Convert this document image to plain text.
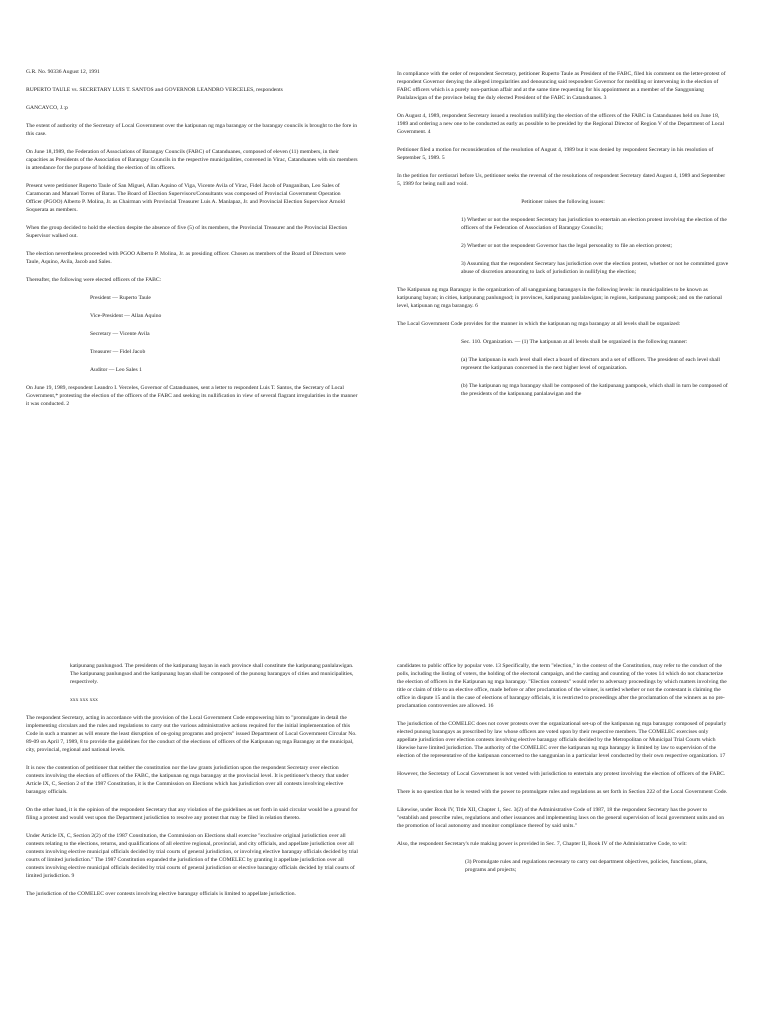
G.R. No. 90336 August 12, 1991

RUPERTO TAULE vs. SECRETARY LUIS T. SANTOS and GOVERNOR LEANDRO VERCELES, respondents

GANCAYCO, J.:p

The extent of authority of the Secretary of Local Government over the katipunan ng mga barangay or the barangay councils is brought to the fore in this case.

On June 18,1989, the Federation of Associations of Barangay Councils (FABC) of Catanduanes, composed of eleven (11) members, in their capacities as Presidents of the Association of Barangay Councils in the respective municipalities, convened in Virac, Catanduanes with six members in attendance for the purpose of holding the election of its officers.

Present were petitioner Ruperto Taule of San Miguel, Allan Aquino of Viga, Vicente Avila of Virac, Fidel Jacob of Panganiban, Leo Sales of Caramoran and Manuel Torres of Baras. The Board of Election Supervisors/Consultants was composed of Provincial Government Operation Officer (PGOO) Alberto P. Molina, Jr. as Chairman with Provincial Treasurer Luis A. Manlapaz, Jr. and Provincial Election Supervisor Arnold Soquerata as members.

When the group decided to hold the election despite the absence of five (5) of its members, the Provincial Treasurer and the Provincial Election Supervisor walked out.

The election nevertheless proceeded with PGOO Alberto P. Molina, Jr. as presiding officer. Chosen as members of the Board of Directors were Taule, Aquino, Avila, Jacob and Sales.

Thereafter, the following were elected officers of the FABC:

President — Ruperto Taule

Vice-President — Allan Aquino

Secretary — Vicente Avila

Treasurer — Fidel Jacob

Auditor — Leo Sales 1

On June 19, 1989, respondent Leandro I. Verceles, Governor of Catanduanes, sent a letter to respondent Luis T. Santos, the Secretary of Local Government,* protesting the election of the officers of the FABC and seeking its nullification in view of several flagrant irregularities in the manner it was conducted. 2

In compliance with the order of respondent Secretary, petitioner Ruperto Taule as President of the FABC, filed his comment on the letter-protest of respondent Governor denying the alleged irregularities and denouncing said respondent Governor for meddling or intervening in the election of FABC officers which is a purely non-partisan affair and at the same time requesting for his appointment as a member of the Sangguniang Panlalawigan of the province being the duly elected President of the FABC in Catanduanes. 3

On August 4, 1989, respondent Secretary issued a resolution nullifying the election of the officers of the FABC in Catanduanes held on June 18, 1989 and ordering a new one to be conducted as early as possible to be presided by the Regional Director of Region V of the Department of Local Government. 4

Petitioner filed a motion for reconsideration of the resolution of August 4, 1989 but it was denied by respondent Secretary in his resolution of September 5, 1989. 5

In the petition for certiorari before Us, petitioner seeks the reversal of the resolutions of respondent Secretary dated August 4, 1989 and September 5, 1989 for being null and void.

Petitioner raises the following issues:

1) Whether or not the respondent Secretary has jurisdiction to entertain an election protest involving the election of the officers of the Federation of Association of Barangay Councils;

2) Whether or not the respondent Governor has the legal personality to file an election protest;

3) Assuming that the respondent Secretary has jurisdiction over the election protest, whether or not he committed grave abuse of discretion amounting to lack of jurisdiction in nullifying the election;

The Katipunan ng mga Barangay is the organization of all sangguniang barangays in the following levels: in municipalities to be known as katipunang bayan; in cities, katipunang panlungsod; in provinces, katipunang panlalawigan; in regions, katipunang pampook; and on the national level, katipunan ng mga barangay. 6

The Local Government Code provides for the manner in which the katipunan ng mga barangay at all levels shall be organized:

Sec. 110. Organization. — (1) The katipunan at all levels shall be organized in the following manner:

(a) The katipunan in each level shall elect a board of directors and a set of officers. The president of each level shall represent the katipunan concerned in the next higher level of organization.

(b) The katipunan ng mga barangay shall be composed of the katipunang pampook, which shall in turn be composed of the presidents of the katipunang panlalawigan and the

katipunang panlungsod. The presidents of the katipunang bayan in each province shall constitute the katipunang panlalawigan. The katipunang panlungsod and the katipunang bayan shall be composed of the punong barangays of cities and municipalities, respectively.

xxx xxx xxx

The respondent Secretary, acting in accordance with the provision of the Local Government Code empowering him to "promulgate in detail the implementing circulars and the rules and regulations to carry out the various administrative actions required for the initial implementation of this Code in such a manner as will ensure the least disruption of on-going programs and projects" issued Department of Local Government Circular No. 89-09 on April 7, 1989, 8 to provide the guidelines for the conduct of the elections of officers of the Katipunan ng mga Barangay at the municipal, city, provincial, regional and national levels.

It is now the contention of petitioner that neither the constitution nor the law grants jurisdiction upon the respondent Secretary over election contests involving the election of officers of the FABC, the katipunan ng mga barangay at the provincial level. It is petitioner's theory that under Article IX, C, Section 2 of the 1987 Constitution, it is the Commission on Elections which has jurisdiction over all contests involving elective barangay officials.

On the other hand, it is the opinion of the respondent Secretary that any violation of the guidelines as set forth in said circular would be a ground for filing a protest and would vest upon the Department jurisdiction to resolve any protest that may be filed in relation thereto.

Under Article IX, C, Section 2(2) of the 1987 Constitution, the Commission on Elections shall exercise "exclusive original jurisdiction over all contests relating to the elections, returns, and qualifications of all elective regional, provincial, and city officials, and appellate jurisdiction over all contests involving elective municipal officials decided by trial courts of general jurisdiction, or involving elective barangay officials decided by trial courts of limited jurisdiction." The 1987 Constitution expanded the jurisdiction of the COMELEC by granting it appellate jurisdiction over all contests involving elective municipal officials decided by trial courts of general jurisdiction or elective barangay officials decided by trial courts of limited jurisdiction. 9

The jurisdiction of the COMELEC over contests involving elective barangay officials is limited to appellate jurisdiction.

candidates to public office by popular vote. 13 Specifically, the term "election," in the context of the Constitution, may refer to the conduct of the polls, including the listing of voters, the holding of the electoral campaign, and the casting and counting of the votes 14 which do not characterize the election of officers in the Katipunan ng mga barangay. "Election contests" would refer to adversary proceedings by which matters involving the title or claim of title to an elective office, made before or after proclamation of the winner, is settled whether or not the contestant is claiming the office in dispute 15 and in the case of elections of barangay officials, it is restricted to proceedings after the proclamation of the winners as no pre-proclamation controversies are allowed. 16

The jurisdiction of the COMELEC does not cover protests over the organizational set-up of the katipunan ng mga barangay composed of popularly elected punong barangays as prescribed by law whose officers are voted upon by their respective members. The COMELEC exercises only appellate jurisdiction over election contests involving elective barangay officials decided by the Metropolitan or Municipal Trial Courts which likewise have limited jurisdiction. The authority of the COMELEC over the katipunan ng mga barangay is limited by law to supervision of the election of the representative of the katipunan concerned to the sanggunian in a particular level conducted by their own respective organization. 17

However, the Secretary of Local Government is not vested with jurisdiction to entertain any protest involving the election of officers of the FABC.

There is no question that he is vested with the power to promulgate rules and regulations as set forth in Section 222 of the Local Government Code.

Likewise, under Book IV, Title XII, Chapter 1, Sec. 3(2) of the Administrative Code of 1987, 18 the respondent Secretary has the power to "establish and prescribe rules, regulations and other issuances and implementing laws on the general supervision of local government units and on the promotion of local autonomy and monitor compliance thereof by said units."

Also, the respondent Secretary's rule making power is provided in Sec. 7, Chapter II, Book IV of the Administrative Code, to wit:

(3) Promulgate rules and regulations necessary to carry out department objectives, policies, functions, plans, programs and projects;
